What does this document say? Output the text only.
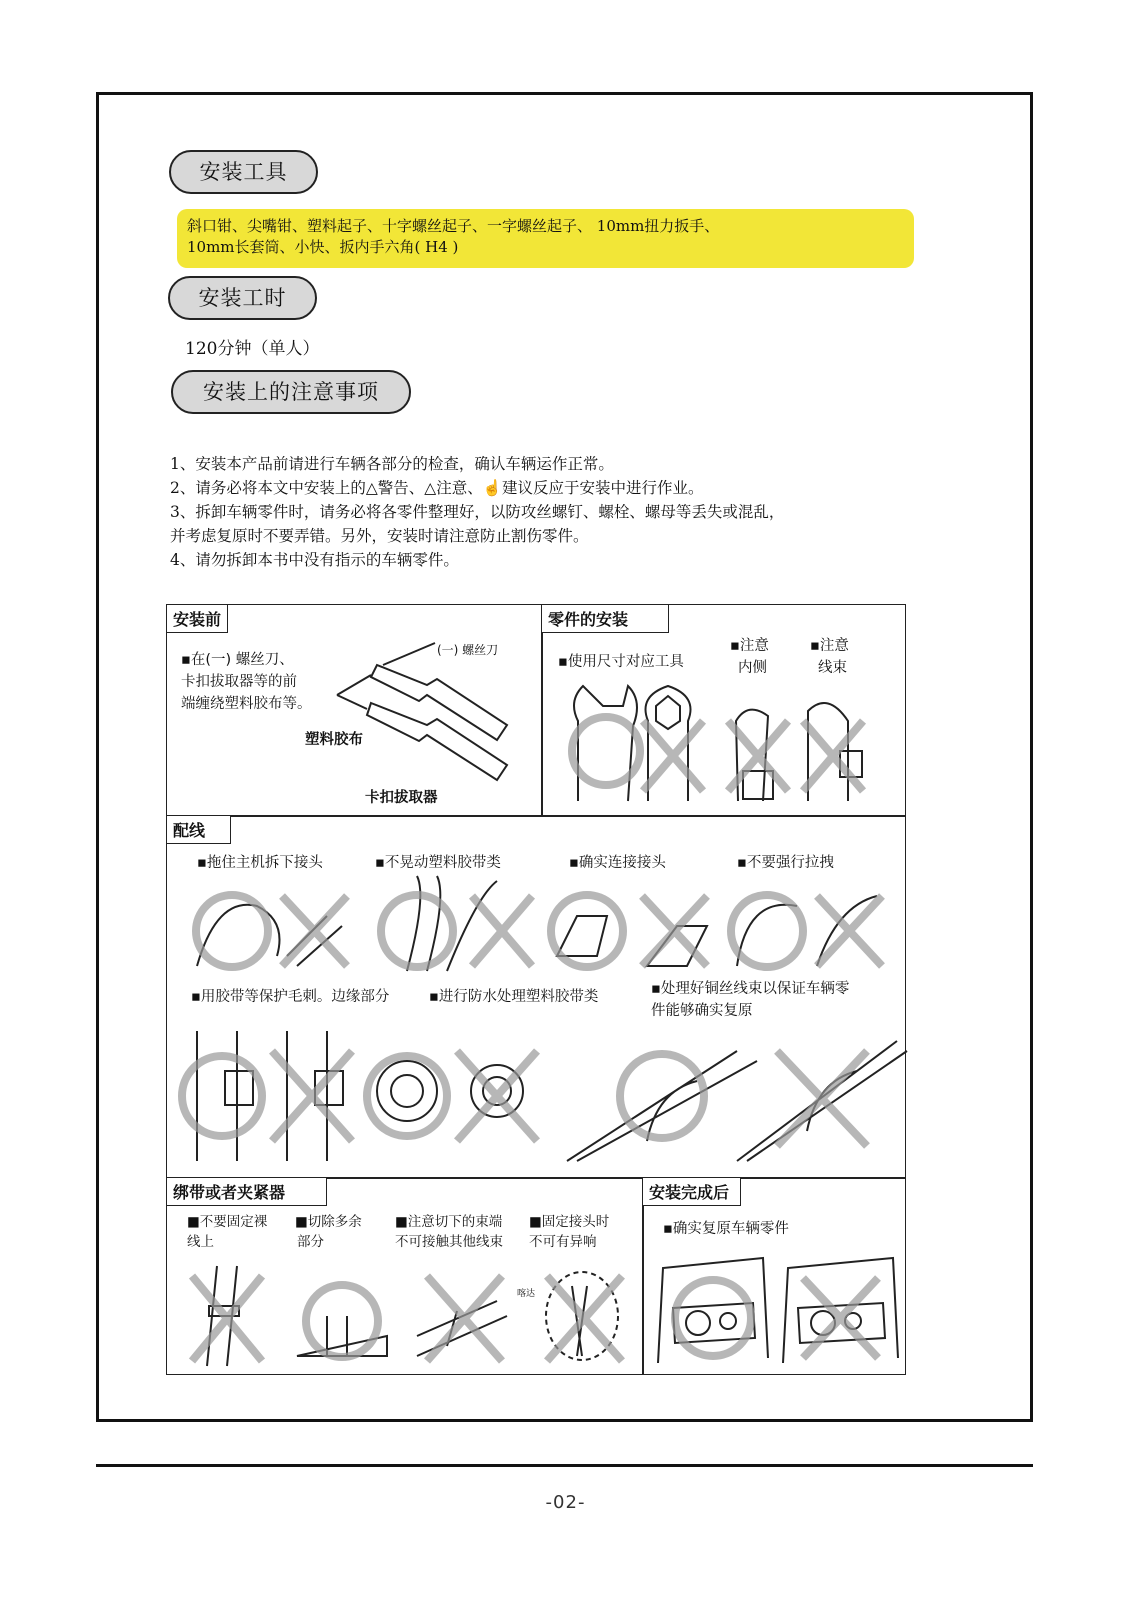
安装工具
斜口钳、尖嘴钳、塑料起子、十字螺丝起子、一字螺丝起子、 10mm扭力扳手、
10mm长套筒、小快、扳内手六角( H4 )
安装工时
120分钟（单人）
安装上的注意事项
1、安装本产品前请进行车辆各部分的检查，确认车辆运作正常。
2、请务必将本文中安装上的△警告、△注意、☝建议反应于安装中进行作业。
3、拆卸车辆零件时，请务必将各零件整理好，以防攻丝螺钉、螺栓、螺母等丢失或混乱，
并考虑复原时不要弄错。另外，安装时请注意防止割伤零件。
4、请勿拆卸本书中没有指示的车辆零件。
安装前
▪在(一) 螺丝刀、
卡扣拔取器等的前
端缠绕塑料胶布等。
(一) 螺丝刀
塑料胶布
卡扣拔取器
零件的安装
▪使用尺寸对应工具
▪注意
内侧
▪注意
线束
配线
▪拖住主机拆下接头	▪不晃动塑料胶带类	▪确实连接接头	▪不要强行拉拽
▪用胶带等保护毛刺。边缘部分	▪进行防水处理塑料胶带类	▪处理好铜丝线束以保证车辆零
件能够确实复原
绑带或者夹紧器
■不要固定裸
线上
■切除多余
部分
■注意切下的束端
不可接触其他线束
■固定接头时
不可有异响
喀达
安装完成后
▪确实复原车辆零件
-02-
